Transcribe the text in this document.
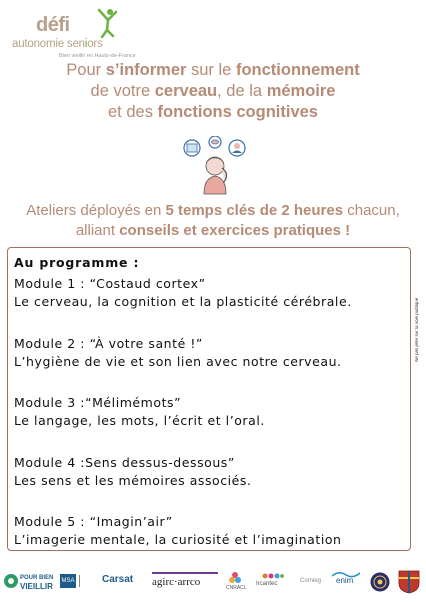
défi
autonomie seniors
Bien vieillir en Hauts-de-France
Pour s’informer sur le fonctionnement
de votre cerveau, de la mémoire
et des fonctions cognitives
Ateliers déployés en 5 temps clés de 2 heures chacun,
alliant conseils et exercices pratiques !
Au programme :
Module 1 : “Costaud cortex”
Le cerveau, la cognition et la plasticité cérébrale.
Module 2 : “À votre santé !”
L’hygiène de vie et son lien avec notre cerveau.
Module 3 :“Mélimémots”
Le langage, les mots, l’écrit et l’oral.
Module 4 :Sens dessus-dessous”
Les sens et les mémoires associés.
Module 5 : “Imagin’air”
L’imagerie mentale, la curiosité et l’imagination
Ne pas jeter sur la voie publique
POUR BIEN
VIEILLIR
MSA	Carsat agirc·arrco	CNRACL
Ircantec	Cornieg enim
